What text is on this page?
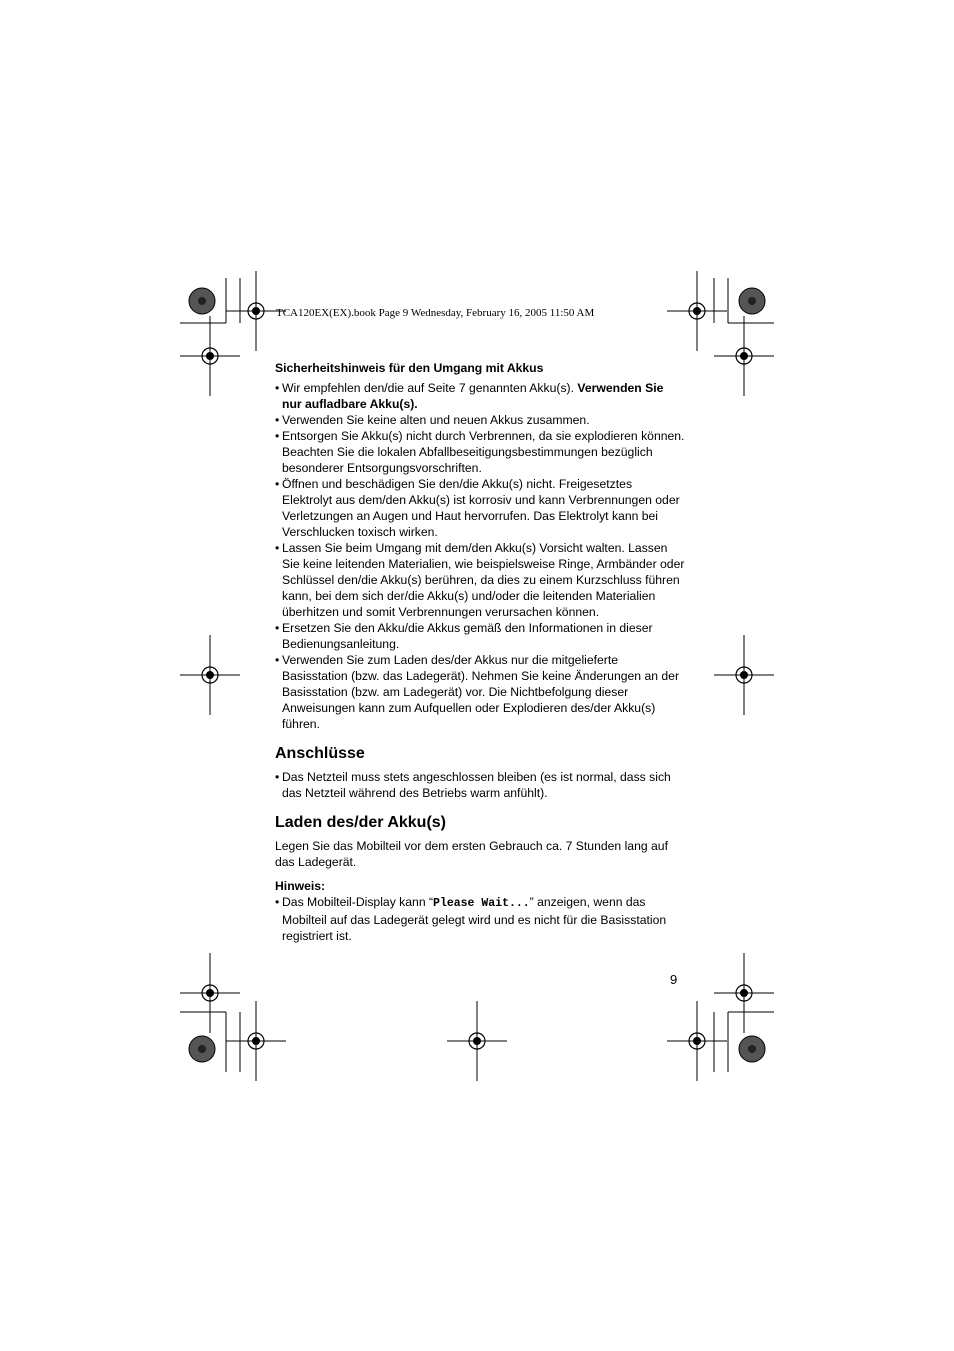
TCA120EX(EX).book Page 9 Wednesday, February 16, 2005 11:50 AM

Sicherheitshinweis für den Umgang mit Akkus

• Wir empfehlen den/die auf Seite 7 genannten Akku(s). Verwenden Sie nur aufladbare Akku(s).
• Verwenden Sie keine alten und neuen Akkus zusammen.
• Entsorgen Sie Akku(s) nicht durch Verbrennen, da sie explodieren können. Beachten Sie die lokalen Abfallbeseitigungsbestimmungen bezüglich besonderer Entsorgungsvorschriften.
• Öffnen und beschädigen Sie den/die Akku(s) nicht. Freigesetztes Elektrolyt aus dem/den Akku(s) ist korrosiv und kann Verbrennungen oder Verletzungen an Augen und Haut hervorrufen. Das Elektrolyt kann bei Verschlucken toxisch wirken.
• Lassen Sie beim Umgang mit dem/den Akku(s) Vorsicht walten. Lassen Sie keine leitenden Materialien, wie beispielsweise Ringe, Armbänder oder Schlüssel den/die Akku(s) berühren, da dies zu einem Kurzschluss führen kann, bei dem sich der/die Akku(s) und/oder die leitenden Materialien überhitzen und somit Verbrennungen verursachen können.
• Ersetzen Sie den Akku/die Akkus gemäß den Informationen in dieser Bedienungsanleitung.
• Verwenden Sie zum Laden des/der Akkus nur die mitgelieferte Basisstation (bzw. das Ladegerät). Nehmen Sie keine Änderungen an der Basisstation (bzw. am Ladegerät) vor. Die Nichtbefolgung dieser Anweisungen kann zum Aufquellen oder Explodieren des/der Akku(s) führen.
Anschlüsse
• Das Netzteil muss stets angeschlossen bleiben (es ist normal, dass sich das Netzteil während des Betriebs warm anfühlt).
Laden des/der Akku(s)

Legen Sie das Mobilteil vor dem ersten Gebrauch ca. 7 Stunden lang auf das Ladegerät.

Hinweis:

• Das Mobilteil-Display kann “Please Wait...” anzeigen, wenn das Mobilteil auf das Ladegerät gelegt wird und es nicht für die Basisstation registriert ist.
9
